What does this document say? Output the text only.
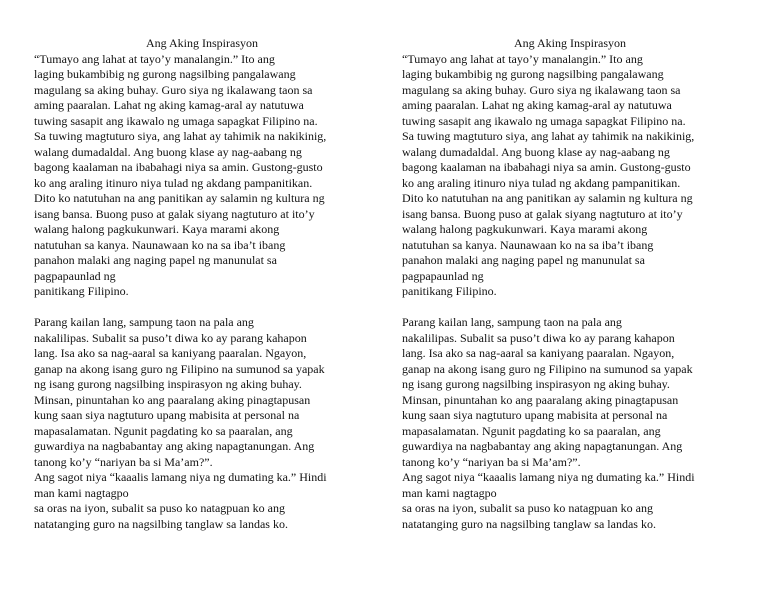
Ang Aking Inspirasyon

“Tumayo ang lahat at tayo’y manalangin.” Ito ang
laging bukambibig ng gurong nagsilbing pangalawang
magulang sa aking buhay. Guro siya ng ikalawang taon sa
aming paaralan. Lahat ng aking kamag-aral ay natutuwa
tuwing sasapit ang ikawalo ng umaga sapagkat Filipino na.
Sa tuwing magtuturo siya, ang lahat ay tahimik na nakikinig,
walang dumadaldal. Ang buong klase ay nag-aabang ng
bagong kaalaman na ibabahagi niya sa amin. Gustong-gusto
ko ang araling itinuro niya tulad ng akdang pampanitikan.
Dito ko natutuhan na ang panitikan ay salamin ng kultura ng
isang bansa. Buong puso at galak siyang nagtuturo at ito’y
walang halong pagkukunwari. Kaya marami akong
natutuhan sa kanya. Naunawaan ko na sa iba’t ibang
panahon malaki ang naging papel ng manunulat sa
pagpapaunlad ng
panitikang Filipino.

Parang kailan lang, sampung taon na pala ang
nakalilipas. Subalit sa puso’t diwa ko ay parang kahapon
lang. Isa ako sa nag-aaral sa kaniyang paaralan. Ngayon,
ganap na akong isang guro ng Filipino na sumunod sa yapak
ng isang gurong nagsilbing inspirasyon ng aking buhay.
Minsan, pinuntahan ko ang paaralang aking pinagtapusan
kung saan siya nagtuturo upang mabisita at personal na
mapasalamatan. Ngunit pagdating ko sa paaralan, ang
guwardiya na nagbabantay ang aking napagtanungan. Ang
tanong ko’y “nariyan ba si Ma’am?”.
Ang sagot niya “kaaalis lamang niya ng dumating ka.” Hindi
man kami nagtagpo
sa oras na iyon, subalit sa puso ko natagpuan ko ang
natatanging guro na nagsilbing tanglaw sa landas ko.

Ang Aking Inspirasyon

“Tumayo ang lahat at tayo’y manalangin.” Ito ang
laging bukambibig ng gurong nagsilbing pangalawang
magulang sa aking buhay. Guro siya ng ikalawang taon sa
aming paaralan. Lahat ng aking kamag-aral ay natutuwa
tuwing sasapit ang ikawalo ng umaga sapagkat Filipino na.
Sa tuwing magtuturo siya, ang lahat ay tahimik na nakikinig,
walang dumadaldal. Ang buong klase ay nag-aabang ng
bagong kaalaman na ibabahagi niya sa amin. Gustong-gusto
ko ang araling itinuro niya tulad ng akdang pampanitikan.
Dito ko natutuhan na ang panitikan ay salamin ng kultura ng
isang bansa. Buong puso at galak siyang nagtuturo at ito’y
walang halong pagkukunwari. Kaya marami akong
natutuhan sa kanya. Naunawaan ko na sa iba’t ibang
panahon malaki ang naging papel ng manunulat sa
pagpapaunlad ng
panitikang Filipino.

Parang kailan lang, sampung taon na pala ang
nakalilipas. Subalit sa puso’t diwa ko ay parang kahapon
lang. Isa ako sa nag-aaral sa kaniyang paaralan. Ngayon,
ganap na akong isang guro ng Filipino na sumunod sa yapak
ng isang gurong nagsilbing inspirasyon ng aking buhay.
Minsan, pinuntahan ko ang paaralang aking pinagtapusan
kung saan siya nagtuturo upang mabisita at personal na
mapasalamatan. Ngunit pagdating ko sa paaralan, ang
guwardiya na nagbabantay ang aking napagtanungan. Ang
tanong ko’y “nariyan ba si Ma’am?”.
Ang sagot niya “kaaalis lamang niya ng dumating ka.” Hindi
man kami nagtagpo
sa oras na iyon, subalit sa puso ko natagpuan ko ang
natatanging guro na nagsilbing tanglaw sa landas ko.
